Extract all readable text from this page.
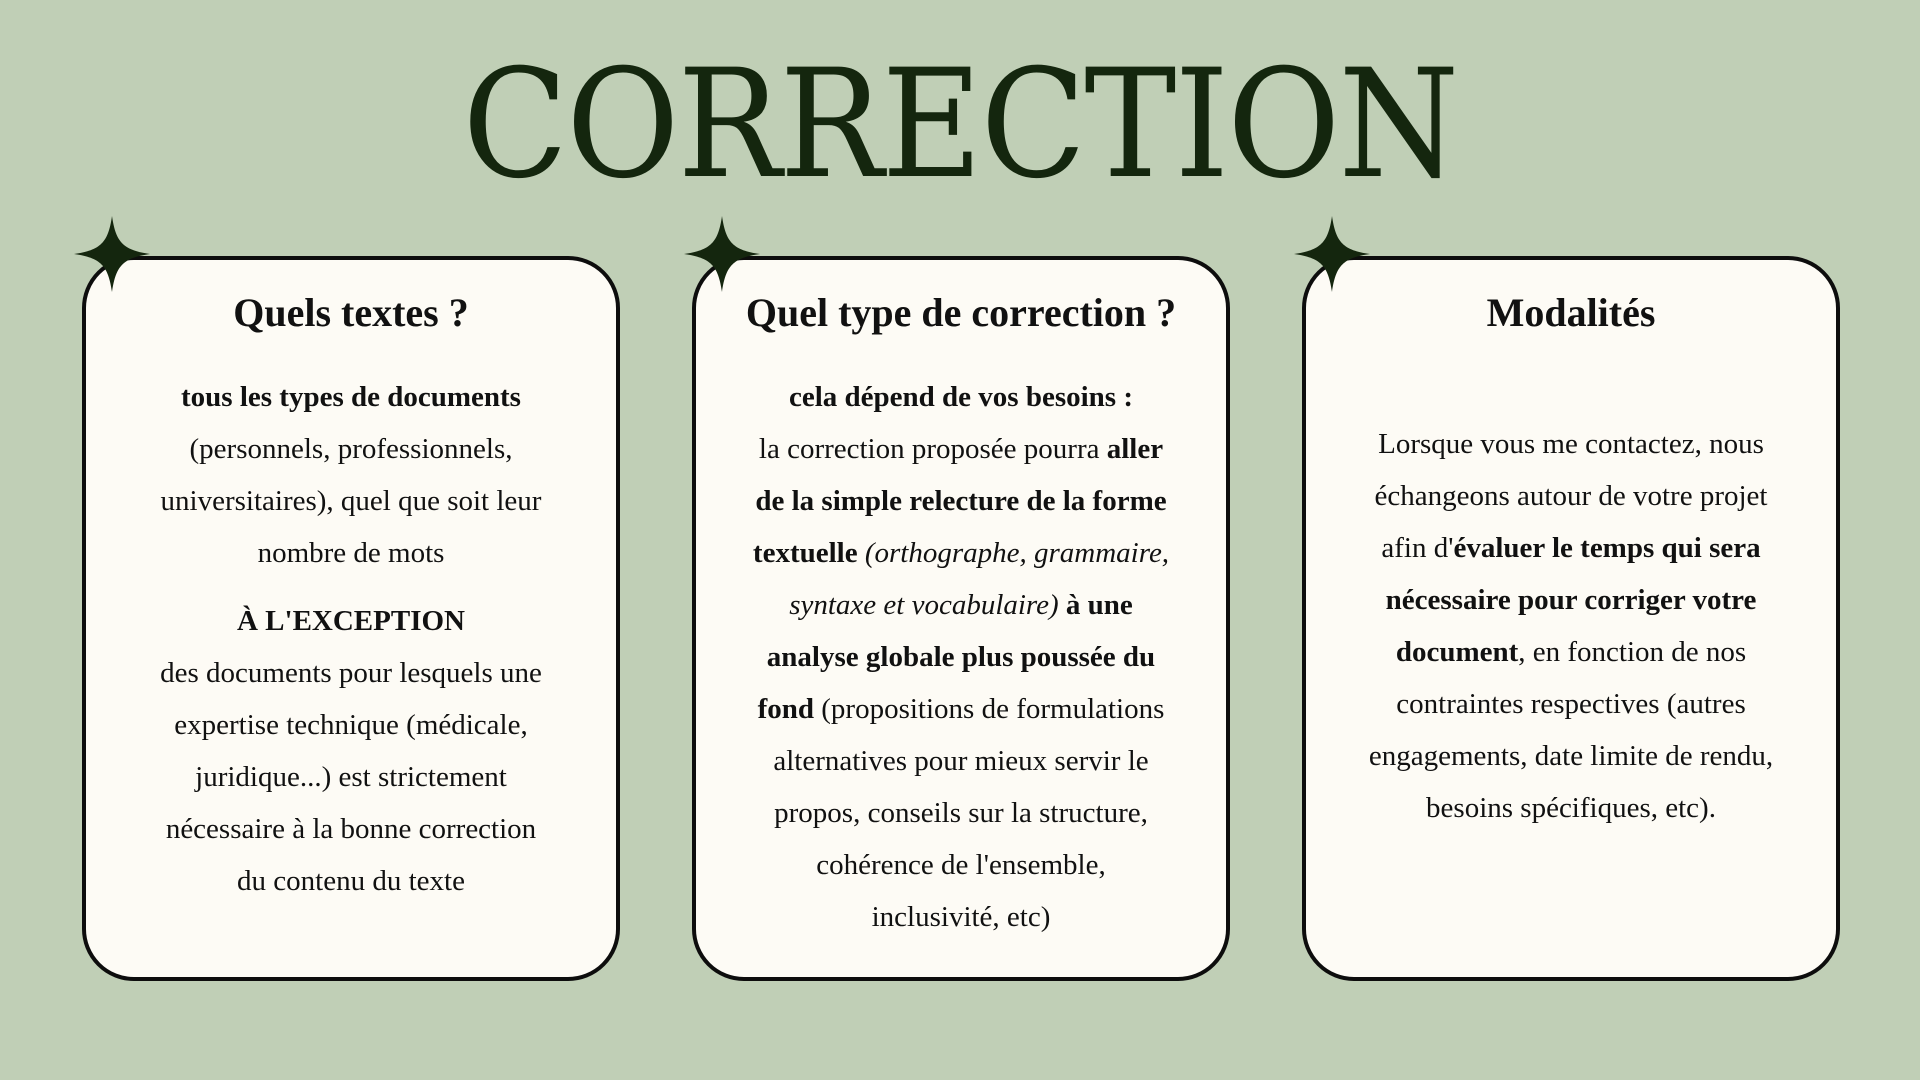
CORRECTION
Quels textes ?

tous les types de documents

(personnels, professionnels,

universitaires), quel que soit leur

nombre de mots

À L'EXCEPTION

des documents pour lesquels une

expertise technique (médicale,

juridique...) est strictement

nécessaire à la bonne correction

du contenu du texte

Quel type de correction ?

cela dépend de vos besoins :

la correction proposée pourra aller

de la simple relecture de la forme

textuelle (orthographe, grammaire,

syntaxe et vocabulaire) à une

analyse globale plus poussée du

fond (propositions de formulations

alternatives pour mieux servir le

propos, conseils sur la structure,

cohérence de l'ensemble,

inclusivité, etc)

Modalités

Lorsque vous me contactez, nous

échangeons autour de votre projet

afin d'évaluer le temps qui sera

nécessaire pour corriger votre

document, en fonction de nos

contraintes respectives (autres

engagements, date limite de rendu,

besoins spécifiques, etc).
